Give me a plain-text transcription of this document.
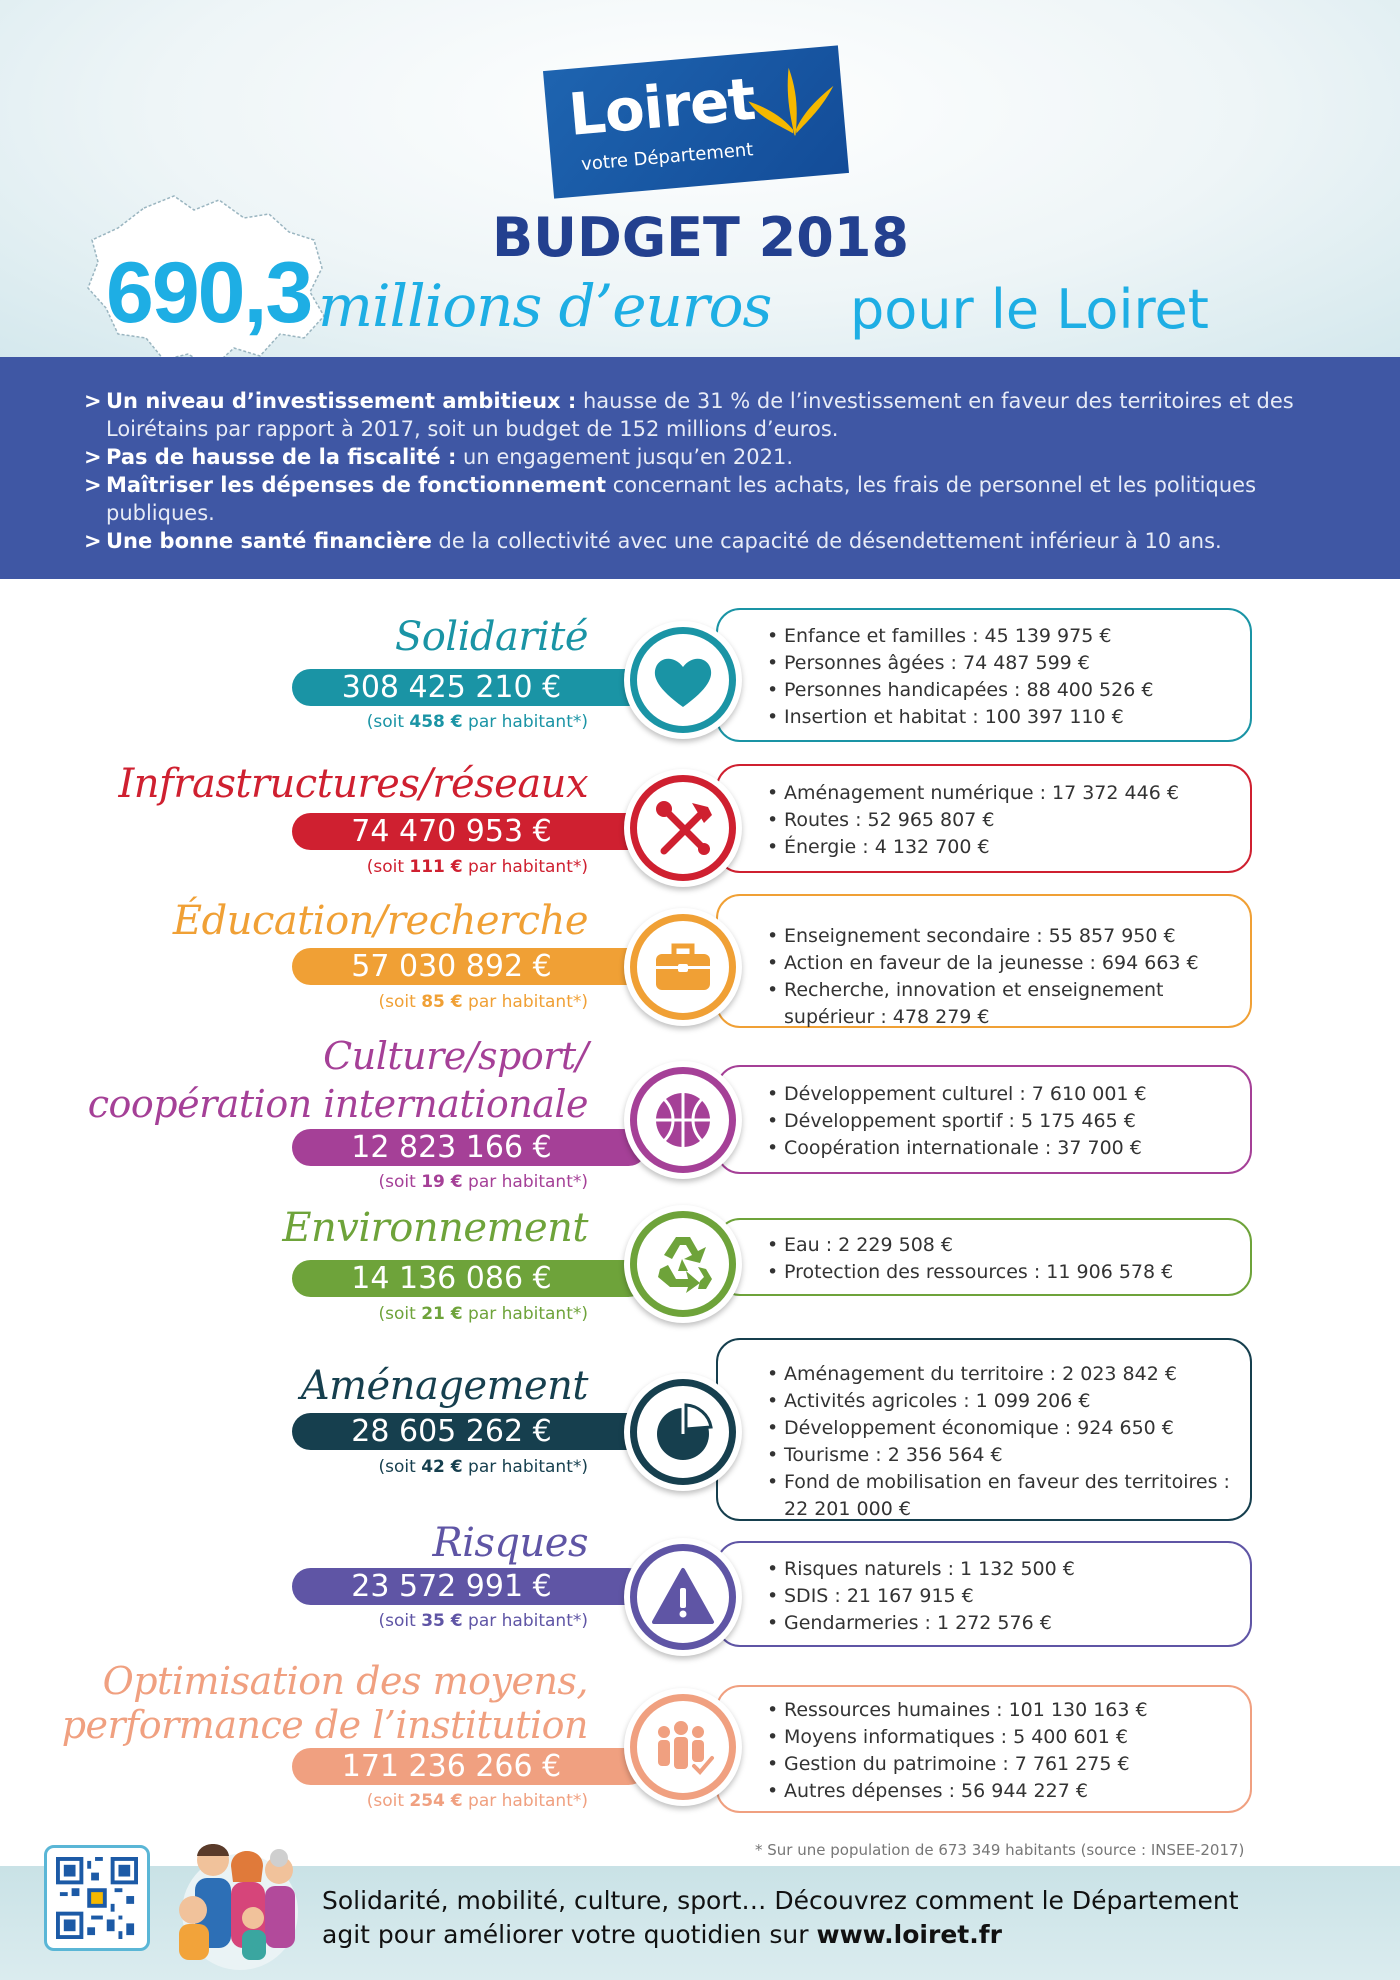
Loiret
votre Département
BUDGET 2018
690,3 millions d’euros pour le Loiret

> Un niveau d’investissement ambitieux : hausse de 31 % de l’investissement en faveur des territoires et des Loirétains par rapport à 2017, soit un budget de 152 millions d’euros.

> Pas de hausse de la fiscalité : un engagement jusqu’en 2021.

> Maîtriser les dépenses de fonctionnement concernant les achats, les frais de personnel et les politiques publiques.

> Une bonne santé financière de la collectivité avec une capacité de désendettement inférieur à 10 ans.

Solidarité
308 425 210 €
(soit 458 € par habitant*)
• Enfance et familles : 45 139 975 €
• Personnes âgées : 74 487 599 €
• Personnes handicapées : 88 400 526 €
• Insertion et habitat : 100 397 110 €
Infrastructures/réseaux
74 470 953 €
(soit 111 € par habitant*)
• Aménagement numérique : 17 372 446 €
• Routes : 52 965 807 €
• Énergie : 4 132 700 €
Éducation/recherche
57 030 892 €
(soit 85 € par habitant*)
• Enseignement secondaire : 55 857 950 €
• Action en faveur de la jeunesse : 694 663 €
• Recherche, innovation et enseignement supérieur : 478 279 €
Culture/sport/
coopération internationale
12 823 166 €
(soit 19 € par habitant*)
• Développement culturel : 7 610 001 €
• Développement sportif : 5 175 465 €
• Coopération internationale : 37 700 €
Environnement
14 136 086 €
(soit 21 € par habitant*)
• Eau : 2 229 508 €
• Protection des ressources : 11 906 578 €
Aménagement
28 605 262 €
(soit 42 € par habitant*)
• Aménagement du territoire : 2 023 842 €
• Activités agricoles : 1 099 206 €
• Développement économique : 924 650 €
• Tourisme : 2 356 564 €
• Fond de mobilisation en faveur des territoires : 22 201 000 €
Risques
23 572 991 €
(soit 35 € par habitant*)
• Risques naturels : 1 132 500 €
• SDIS : 21 167 915 €
• Gendarmeries : 1 272 576 €
Optimisation des moyens,
performance de l’institution
171 236 266 €
(soit 254 € par habitant*)
• Ressources humaines : 101 130 163 €
• Moyens informatiques : 5 400 601 €
• Gestion du patrimoine : 7 761 275 €
• Autres dépenses : 56 944 227 €
* Sur une population de 673 349 habitants (source : INSEE-2017)
Solidarité, mobilité, culture, sport… Découvrez comment le Département
agit pour améliorer votre quotidien sur www.loiret.fr
